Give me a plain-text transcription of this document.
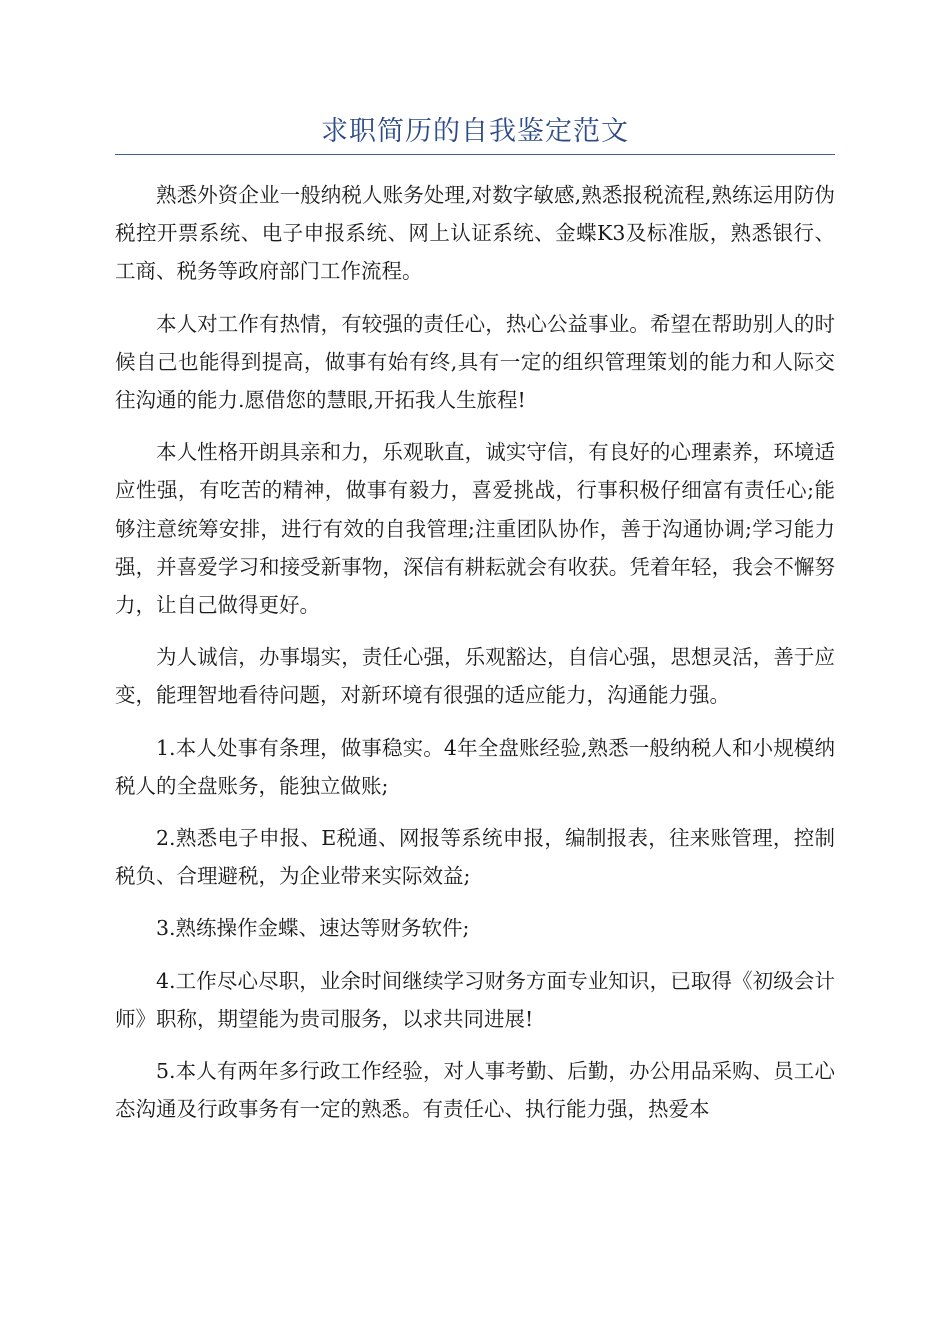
求职简历的自我鉴定范文

熟悉外资企业一般纳税人账务处理,对数字敏感,熟悉报税流程,熟练运用防伪税控开票系统、电子申报系统、网上认证系统、金蝶K3及标准版，熟悉银行、工商、税务等政府部门工作流程。

本人对工作有热情，有较强的责任心，热心公益事业。希望在帮助别人的时候自己也能得到提高，做事有始有终,具有一定的组织管理策划的能力和人际交往沟通的能力.愿借您的慧眼,开拓我人生旅程!

本人性格开朗具亲和力，乐观耿直，诚实守信，有良好的心理素养，环境适应性强，有吃苦的精神，做事有毅力，喜爱挑战，行事积极仔细富有责任心;能够注意统筹安排，进行有效的自我管理;注重团队协作，善于沟通协调;学习能力强，并喜爱学习和接受新事物，深信有耕耘就会有收获。凭着年轻，我会不懈努力，让自己做得更好。

为人诚信，办事塌实，责任心强，乐观豁达，自信心强，思想灵活，善于应变，能理智地看待问题，对新环境有很强的适应能力，沟通能力强。

1.本人处事有条理，做事稳实。4年全盘账经验,熟悉一般纳税人和小规模纳税人的全盘账务，能独立做账;

2.熟悉电子申报、E税通、网报等系统申报，编制报表，往来账管理，控制税负、合理避税，为企业带来实际效益;

3.熟练操作金蝶、速达等财务软件;

4.工作尽心尽职，业余时间继续学习财务方面专业知识，已取得《初级会计师》职称，期望能为贵司服务，以求共同进展!

5.本人有两年多行政工作经验，对人事考勤、后勤，办公用品采购、员工心态沟通及行政事务有一定的熟悉。有责任心、执行能力强，热爱本
